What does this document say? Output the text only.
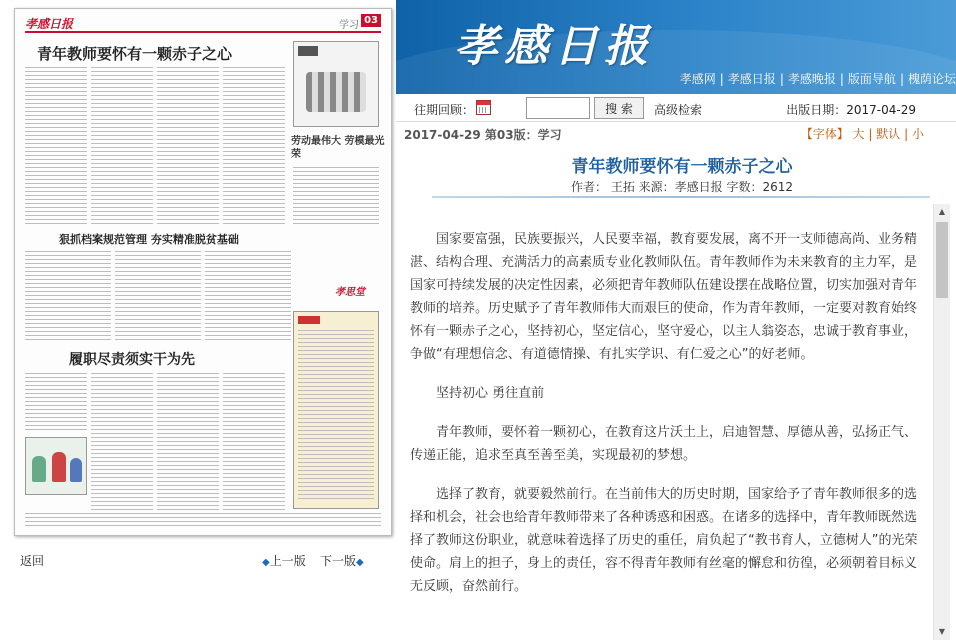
孝感日报	学习 03
青年教师要怀有一颗赤子之心
劳动最伟大 劳模最光荣
狠抓档案规范管理 夯实精准脱贫基础
孝思堂
履职尽责须实干为先
返回	◆上一版 下一版◆
孝感日报
孝感网 | 孝感日报 | 孝感晚报 | 版面导航 | 槐荫论坛
往期回顾：	搜 索	高级检索	出版日期：2017-04-29
2017-04-29 第03版：学习	【字体】 大 | 默认 | 小
青年教师要怀有一颗赤子之心
作者： 王拓 来源：孝感日报 字数：2612

国家要富强，民族要振兴，人民要幸福，教育要发展，离不开一支师德高尚、业务精湛、结构合理、充满活力的高素质专业化教师队伍。青年教师作为未来教育的主力军，是国家可持续发展的决定性因素，必须把青年教师队伍建设摆在战略位置，切实加强对青年教师的培养。历史赋予了青年教师伟大而艰巨的使命，作为青年教师，一定要对教育始终怀有一颗赤子之心，坚持初心，坚定信心，坚守爱心，以主人翁姿态，忠诚于教育事业，争做“有理想信念、有道德情操、有扎实学识、有仁爱之心”的好老师。

坚持初心 勇往直前

青年教师，要怀着一颗初心，在教育这片沃土上，启迪智慧、厚德从善，弘扬正气、传递正能，追求至真至善至美，实现最初的梦想。

选择了教育，就要毅然前行。在当前伟大的历史时期，国家给予了青年教师很多的选择和机会，社会也给青年教师带来了各种诱惑和困惑。在诸多的选择中，青年教师既然选择了教师这份职业，就意味着选择了历史的重任，肩负起了“教书育人，立德树人”的光荣使命。肩上的担子，身上的责任，容不得青年教师有丝毫的懈怠和彷徨，必须朝着目标义无反顾，奋然前行。

▲
▼
